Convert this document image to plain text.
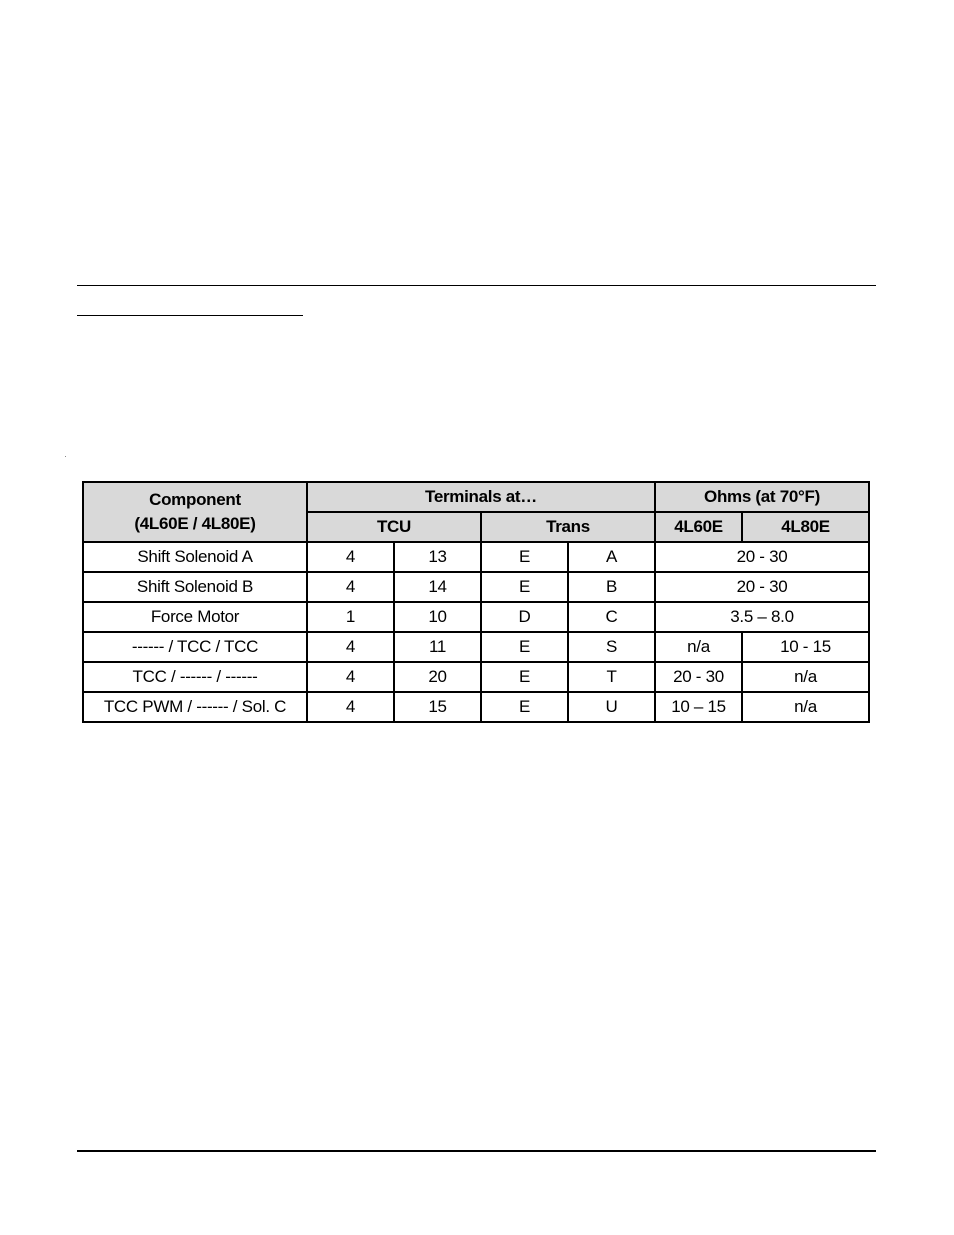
Component
(4L60E / 4L80E)	Terminals at…				Ohms (at 70°F)	
	TCU		Trans		4L60E	4L80E
Shift Solenoid A	4	13	E	A	20 - 30	
Shift Solenoid B	4	14	E	B	20 - 30	
Force Motor	1	10	D	C	3.5 – 8.0	
------ / TCC / TCC	4	11	E	S	n/a	10 - 15
TCC / ------ / ------	4	20	E	T	20 - 30	n/a
TCC PWM / ------ / Sol. C	4	15	E	U	10 – 15	n/a
